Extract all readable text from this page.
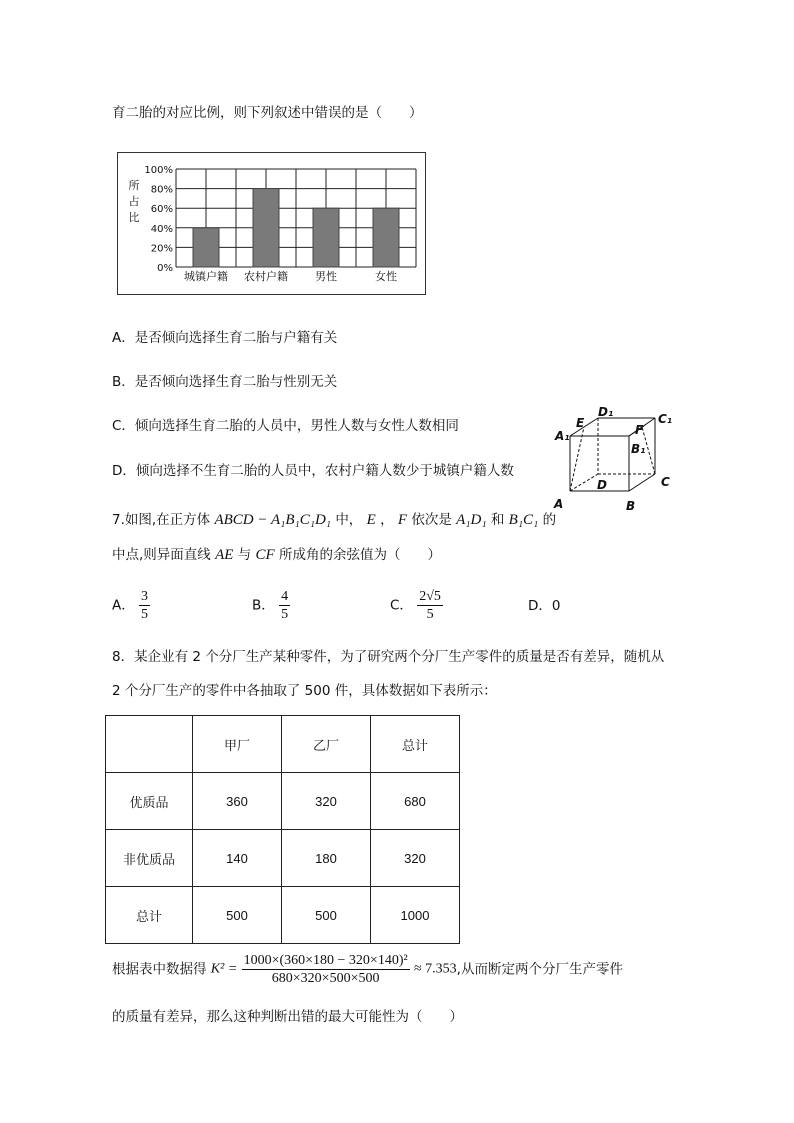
育二胎的对应比例，则下列叙述中错误的是（　　）
0%
20%
40%
60%
80%
100%
城镇户籍 农村户籍 男性	女性
所
占
比
A．是否倾向选择生育二胎与户籍有关
B．是否倾向选择生育二胎与性别无关
C．倾向选择生育二胎的人员中，男性人数与女性人数相同
D．倾向选择不生育二胎的人员中，农村户籍人数少于城镇户籍人数
A	B
C
D
A₁
B₁
C₁
D₁
E	F
7.如图,在正方体 ABCD − A₁B₁C₁D₁ 中， E ， F 依次是 A₁D₁ 和 B₁C₁ 的
中点,则异面直线 AE 与 CF 所成角的余弦值为（　　）
A． $\frac{3}{5}$	B． $\frac{4}{5}$	C． $\frac{2√5}{5}$	D．0
8．某企业有 2 个分厂生产某种零件，为了研究两个分厂生产零件的质量是否有差异，随机从
2 个分厂生产的零件中各抽取了 500 件，具体数据如下表所示：
	甲厂	乙厂	总计
优质品	360	320	680
非优质品	140	180	320
总计	500	500	1000
根据表中数据得 $K^2 = \frac{\text{1000×(360×180 − 320×140)²}}{680\times 320\times 500\times 500} \approx 7.353$,从而断定两个分厂生产零件
的质量有差异，那么这种判断出错的最大可能性为（　　）
